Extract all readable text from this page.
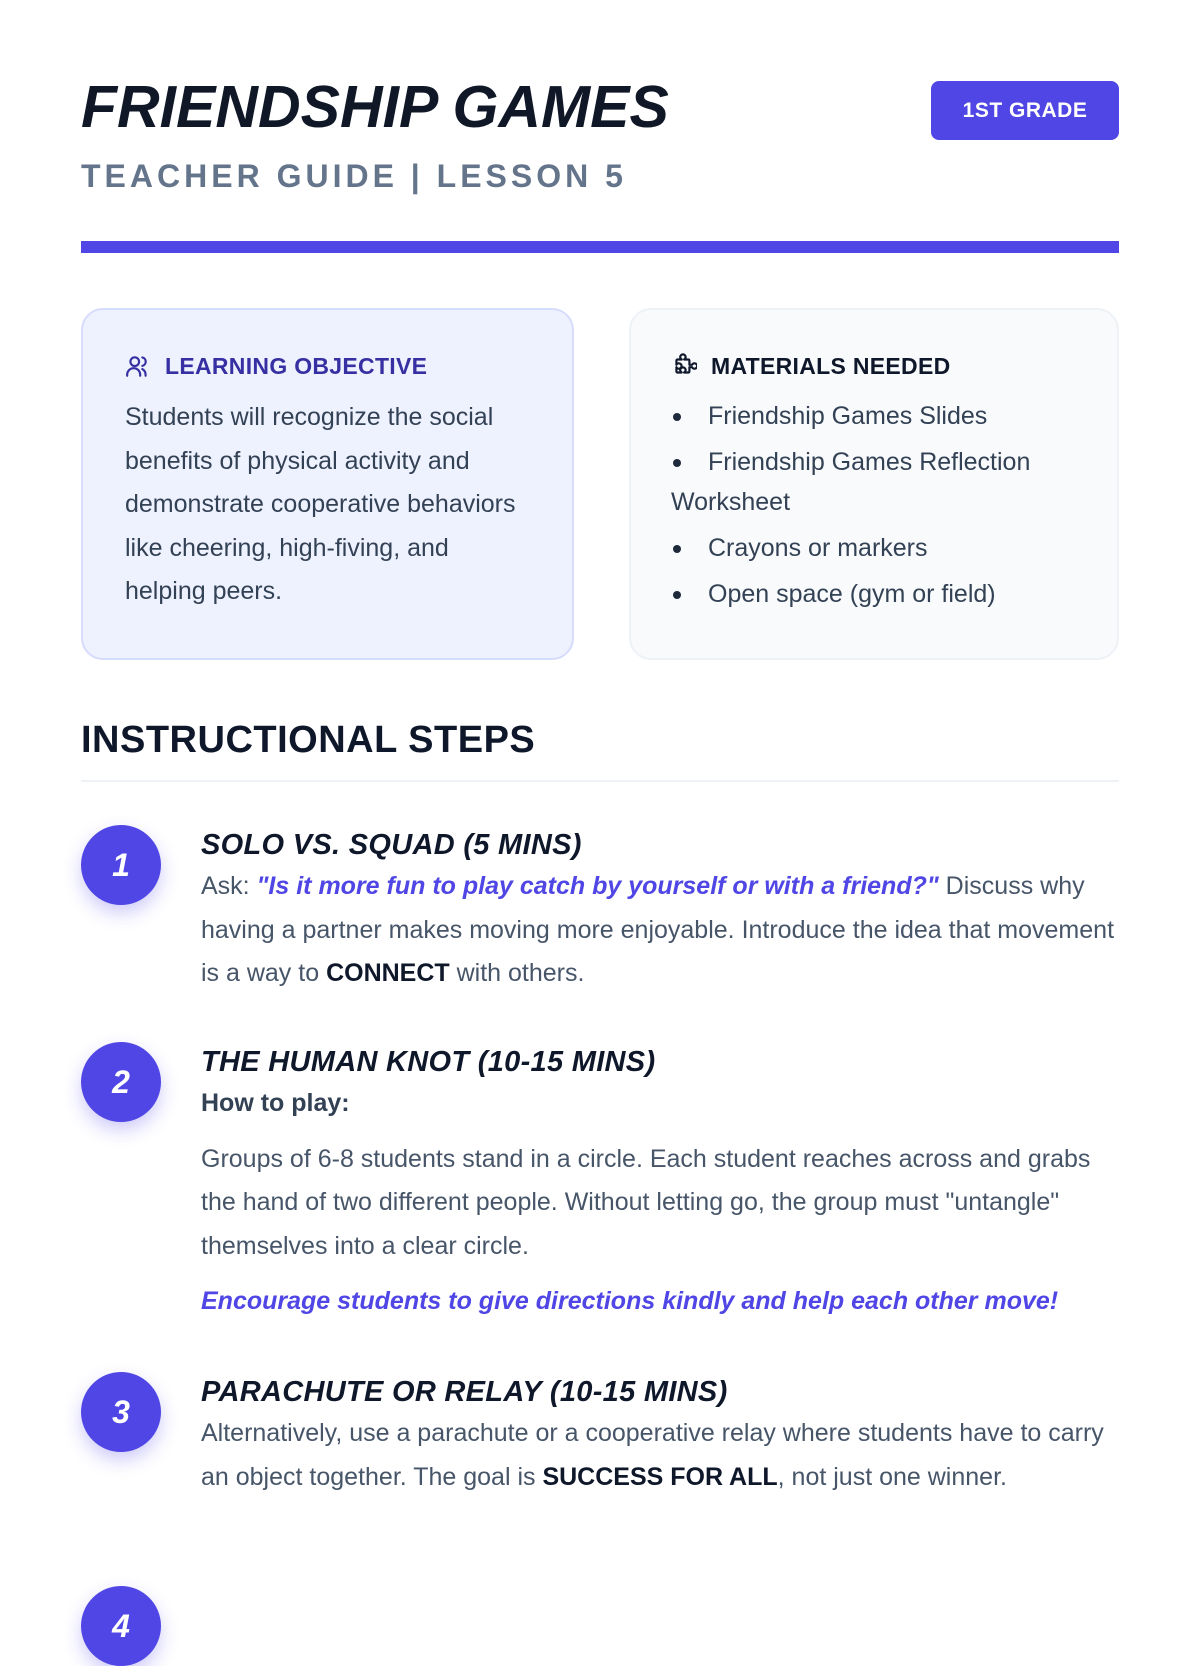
FRIENDSHIP GAMES
TEACHER GUIDE | LESSON 5
1ST GRADE
LEARNING OBJECTIVE

Students will recognize the social benefits of physical activity and demonstrate cooperative behaviors like cheering, high-fiving, and helping peers.

MATERIALS NEEDED
Friendship Games Slides
Friendship Games Reflection Worksheet
Crayons or markers
Open space (gym or field)
INSTRUCTIONAL STEPS
1
SOLO VS. SQUAD (5 MINS)

Ask: "Is it more fun to play catch by yourself or with a friend?" Discuss why having a partner makes moving more enjoyable. Introduce the idea that movement is a way to CONNECT with others.

2
THE HUMAN KNOT (10-15 MINS)

How to play:

Groups of 6-8 students stand in a circle. Each student reaches across and grabs the hand of two different people. Without letting go, the group must "untangle" themselves into a clear circle.

Encourage students to give directions kindly and help each other move!

3
PARACHUTE OR RELAY (10-15 MINS)

Alternatively, use a parachute or a cooperative relay where students have to carry an object together. The goal is SUCCESS FOR ALL, not just one winner.

4
